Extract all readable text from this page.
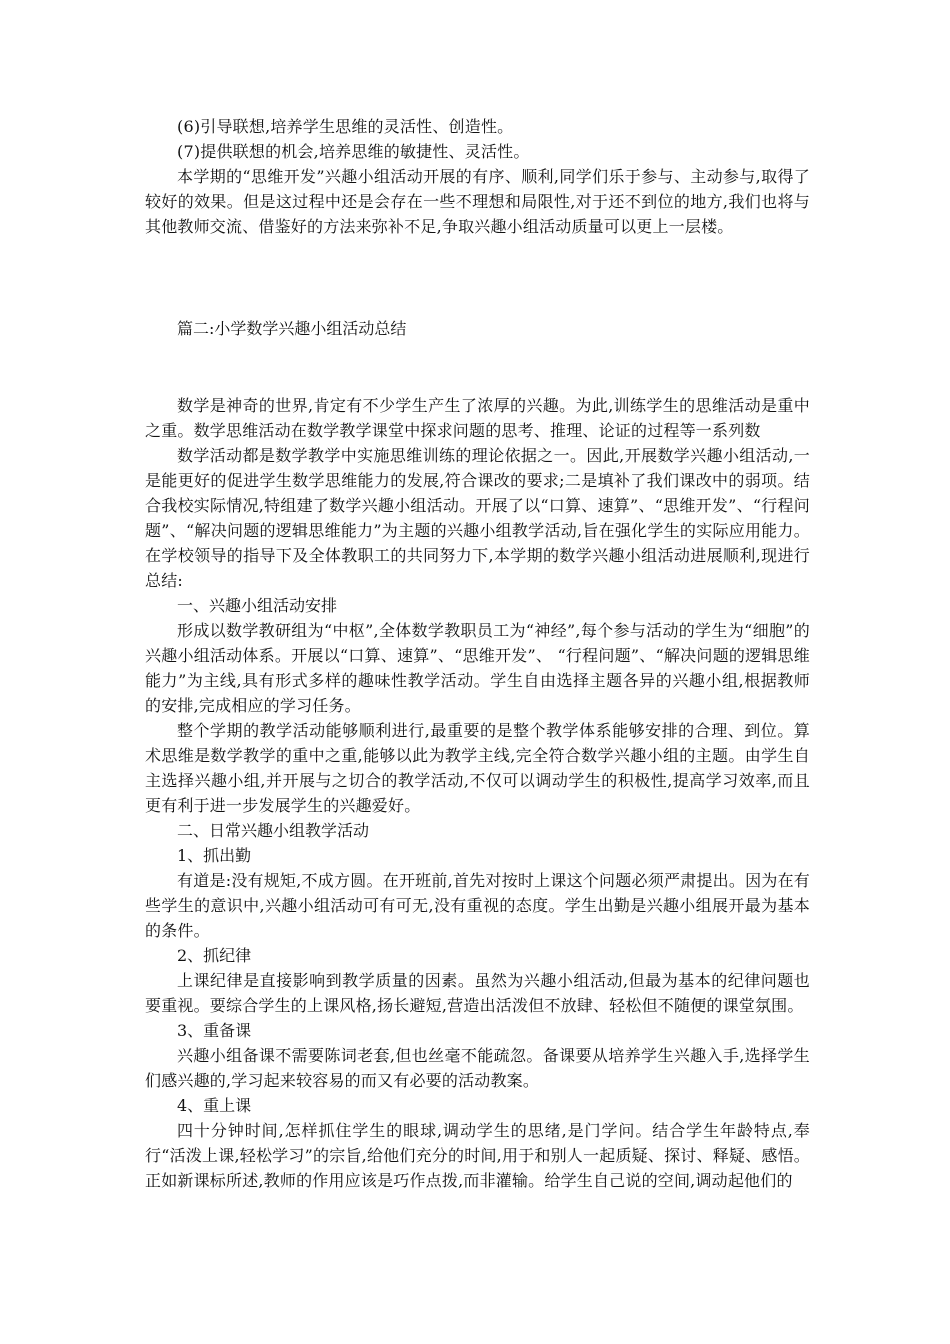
(6)引导联想,培养学生思维的灵活性、创造性。

(7)提供联想的机会,培养思维的敏捷性、灵活性。

本学期的“思维开发”兴趣小组活动开展的有序、顺利,同学们乐于参与、主动参与,取得了较好的效果。但是这过程中还是会存在一些不理想和局限性,对于还不到位的地方,我们也将与其他教师交流、借鉴好的方法来弥补不足,争取兴趣小组活动质量可以更上一层楼。

篇二:小学数学兴趣小组活动总结

数学是神奇的世界,肯定有不少学生产生了浓厚的兴趣。为此,训练学生的思维活动是重中之重。数学思维活动在数学教学课堂中探求问题的思考、推理、论证的过程等一系列数

数学活动都是数学教学中实施思维训练的理论依据之一。因此,开展数学兴趣小组活动,一是能更好的促进学生数学思维能力的发展,符合课改的要求;二是填补了我们课改中的弱项。结合我校实际情况,特组建了数学兴趣小组活动。开展了以“口算、速算”、“思维开发”、“行程问题”、“解决问题的逻辑思维能力”为主题的兴趣小组教学活动,旨在强化学生的实际应用能力。在学校领导的指导下及全体教职工的共同努力下,本学期的数学兴趣小组活动进展顺利,现进行总结:

一、兴趣小组活动安排

形成以数学教研组为“中枢”,全体数学教职员工为“神经”,每个参与活动的学生为“细胞”的兴趣小组活动体系。开展以“口算、速算”、“思维开发”、 “行程问题”、“解决问题的逻辑思维能力”为主线,具有形式多样的趣味性教学活动。学生自由选择主题各异的兴趣小组,根据教师的安排,完成相应的学习任务。

整个学期的教学活动能够顺利进行,最重要的是整个教学体系能够安排的合理、到位。算术思维是数学教学的重中之重,能够以此为教学主线,完全符合数学兴趣小组的主题。由学生自主选择兴趣小组,并开展与之切合的教学活动,不仅可以调动学生的积极性,提高学习效率,而且更有利于进一步发展学生的兴趣爱好。

二、日常兴趣小组教学活动

1、抓出勤

有道是:没有规矩,不成方圆。在开班前,首先对按时上课这个问题必须严肃提出。因为在有些学生的意识中,兴趣小组活动可有可无,没有重视的态度。学生出勤是兴趣小组展开最为基本的条件。

2、抓纪律

上课纪律是直接影响到教学质量的因素。虽然为兴趣小组活动,但最为基本的纪律问题也要重视。要综合学生的上课风格,扬长避短,营造出活泼但不放肆、轻松但不随便的课堂氛围。

3、重备课

兴趣小组备课不需要陈词老套,但也丝毫不能疏忽。备课要从培养学生兴趣入手,选择学生们感兴趣的,学习起来较容易的而又有必要的活动教案。

4、重上课

四十分钟时间,怎样抓住学生的眼球,调动学生的思绪,是门学问。结合学生年龄特点,奉行“活泼上课,轻松学习”的宗旨,给他们充分的时间,用于和别人一起质疑、探讨、释疑、感悟。正如新课标所述,教师的作用应该是巧作点拨,而非灌输。给学生自己说的空间,调动起他们的
